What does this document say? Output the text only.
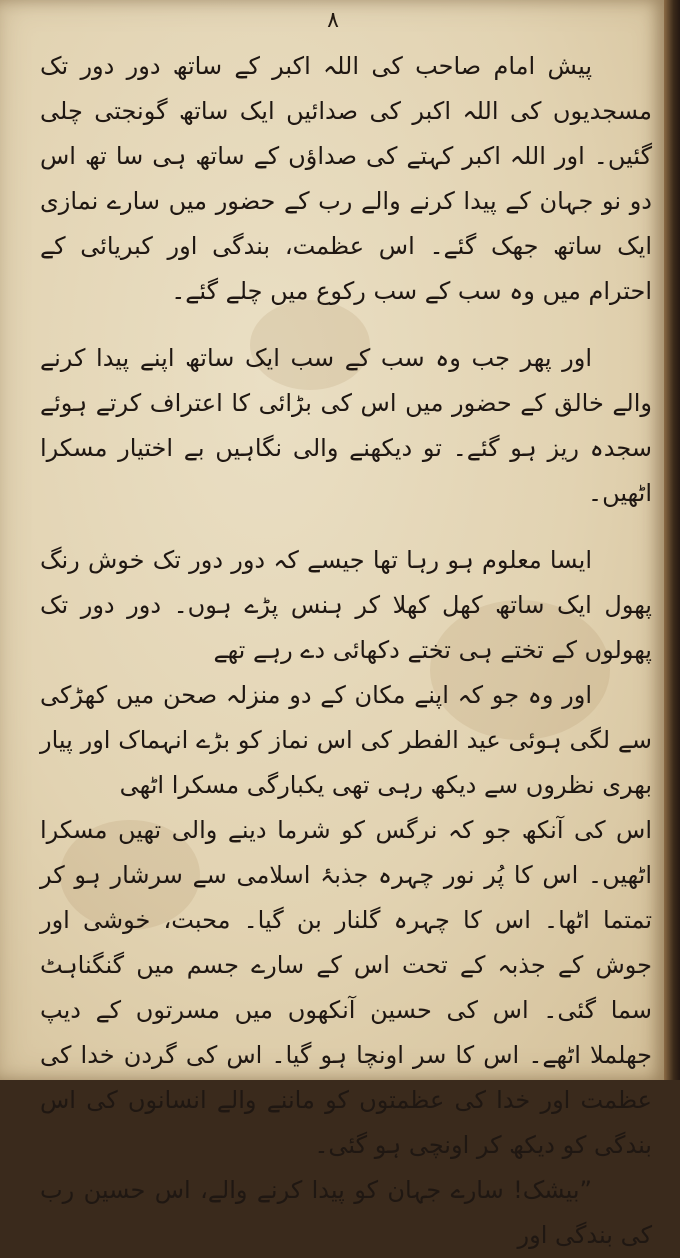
۸

پیش امام صاحب کی اللہ اکبر کے ساتھ دور دور تک مسجدیوں کی اللہ اکبر کی صدائیں ایک ساتھ گونجتی چلی گئیں۔ اور اللہ اکبر کہتے کی صداؤں کے ساتھ ہی سا تھ اس دو نو جہان کے پیدا کرنے والے رب کے حضور میں سارے نمازی ایک ساتھ جھک گئے۔ اس عظمت، بندگی اور کبریائی کے احترام میں وہ سب کے سب رکوع میں چلے گئے۔

اور پھر جب وہ سب کے سب ایک ساتھ اپنے پیدا کرنے والے خالق کے حضور میں اس کی بڑائی کا اعتراف کرتے ہوئے سجدہ ریز ہو گئے۔ تو دیکھنے والی نگاہیں بے اختیار مسکرا اٹھیں۔

ایسا معلوم ہو رہا تھا جیسے کہ دور دور تک خوش رنگ پھول ایک ساتھ کھل کھلا کر ہنس پڑے ہوں۔ دور دور تک پھولوں کے تختے ہی تختے دکھائی دے رہے تھے

اور وہ جو کہ اپنے مکان کے دو منزلہ صحن میں کھڑکی سے لگی ہوئی عید الفطر کی اس نماز کو بڑے انہماک اور پیار بھری نظروں سے دیکھ رہی تھی یکبارگی مسکرا اٹھی

اس کی آنکھ جو کہ نرگس کو شرما دینے والی تھیں مسکرا اٹھیں۔ اس کا پُر نور چہرہ جذبۂ اسلامی سے سرشار ہو کر تمتما اٹھا۔ اس کا چہرہ گلنار بن گیا۔ محبت، خوشی اور جوش کے جذبہ کے تحت اس کے سارے جسم میں گنگناہٹ سما گئی۔ اس کی حسین آنکھوں میں مسرتوں کے دیپ جھلملا اٹھے۔ اس کا سر اونچا ہو گیا۔ اس کی گردن خدا کی عظمت اور خدا کی عظمتوں کو ماننے والے انسانوں کی اس بندگی کو دیکھ کر اونچی ہو گئی۔

”بیشک! سارے جہان کو پیدا کرنے والے، اس حسین رب کی بندگی اور
